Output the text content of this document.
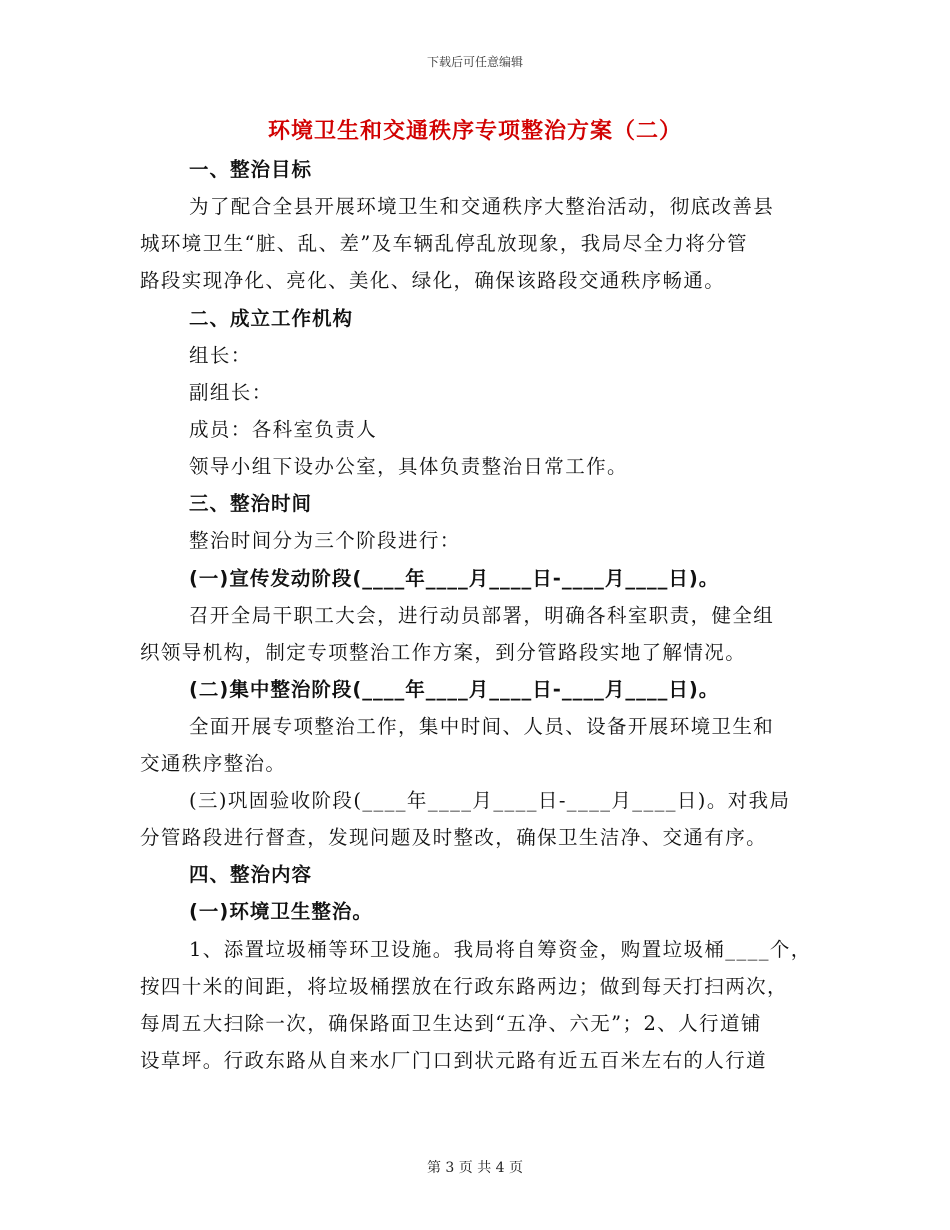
下载后可任意编辑
环境卫生和交通秩序专项整治方案（二）
一、整治目标
为了配合全县开展环境卫生和交通秩序大整治活动，彻底改善县
城环境卫生“脏、乱、差”及车辆乱停乱放现象，我局尽全力将分管
路段实现净化、亮化、美化、绿化，确保该路段交通秩序畅通。
二、成立工作机构
组长：
副组长：
成员：各科室负责人
领导小组下设办公室，具体负责整治日常工作。
三、整治时间
整治时间分为三个阶段进行：
(一)宣传发动阶段(____年____月____日-____月____日)。
召开全局干职工大会，进行动员部署，明确各科室职责，健全组
织领导机构，制定专项整治工作方案，到分管路段实地了解情况。
(二)集中整治阶段(____年____月____日-____月____日)。
全面开展专项整治工作，集中时间、人员、设备开展环境卫生和
交通秩序整治。
(三)巩固验收阶段(____年____月____日-____月____日)。对我局
分管路段进行督查，发现问题及时整改，确保卫生洁净、交通有序。
四、整治内容
(一)环境卫生整治。
1、添置垃圾桶等环卫设施。我局将自筹资金，购置垃圾桶____个，
按四十米的间距，将垃圾桶摆放在行政东路两边；做到每天打扫两次，
每周五大扫除一次，确保路面卫生达到“五净、六无”；2、人行道铺
设草坪。行政东路从自来水厂门口到状元路有近五百米左右的人行道
第 3 页 共 4 页
